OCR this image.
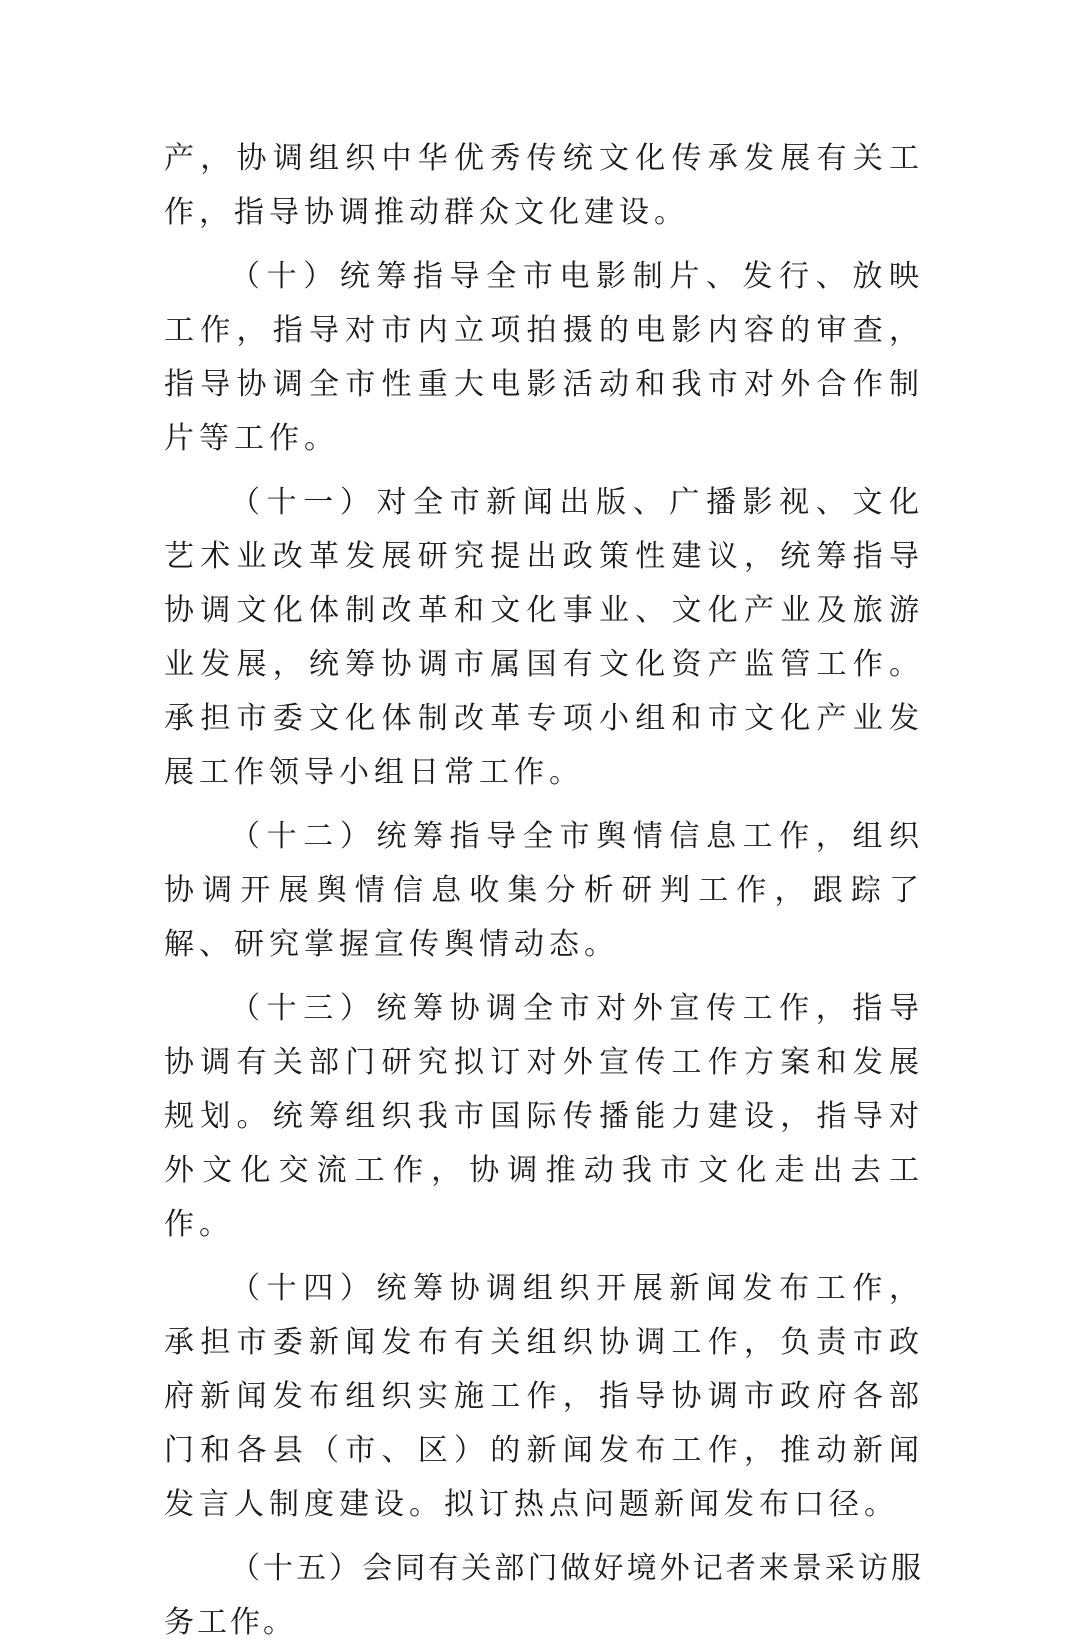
产，协调组织中华优秀传统文化传承发展有关工作，指导协调推动群众文化建设。

（十）统筹指导全市电影制片、发行、放映工作，指导对市内立项拍摄的电影内容的审查，指导协调全市性重大电影活动和我市对外合作制片等工作。

（十一）对全市新闻出版、广播影视、文化艺术业改革发展研究提出政策性建议，统筹指导协调文化体制改革和文化事业、文化产业及旅游业发展，统筹协调市属国有文化资产监管工作。承担市委文化体制改革专项小组和市文化产业发展工作领导小组日常工作。

（十二）统筹指导全市舆情信息工作，组织协调开展舆情信息收集分析研判工作，跟踪了解、研究掌握宣传舆情动态。

（十三）统筹协调全市对外宣传工作，指导协调有关部门研究拟订对外宣传工作方案和发展规划。统筹组织我市国际传播能力建设，指导对外文化交流工作，协调推动我市文化走出去工作。

（十四）统筹协调组织开展新闻发布工作，承担市委新闻发布有关组织协调工作，负责市政府新闻发布组织实施工作，指导协调市政府各部门和各县（市、区）的新闻发布工作，推动新闻发言人制度建设。拟订热点问题新闻发布口径。

（十五）会同有关部门做好境外记者来景采访服务工作。
